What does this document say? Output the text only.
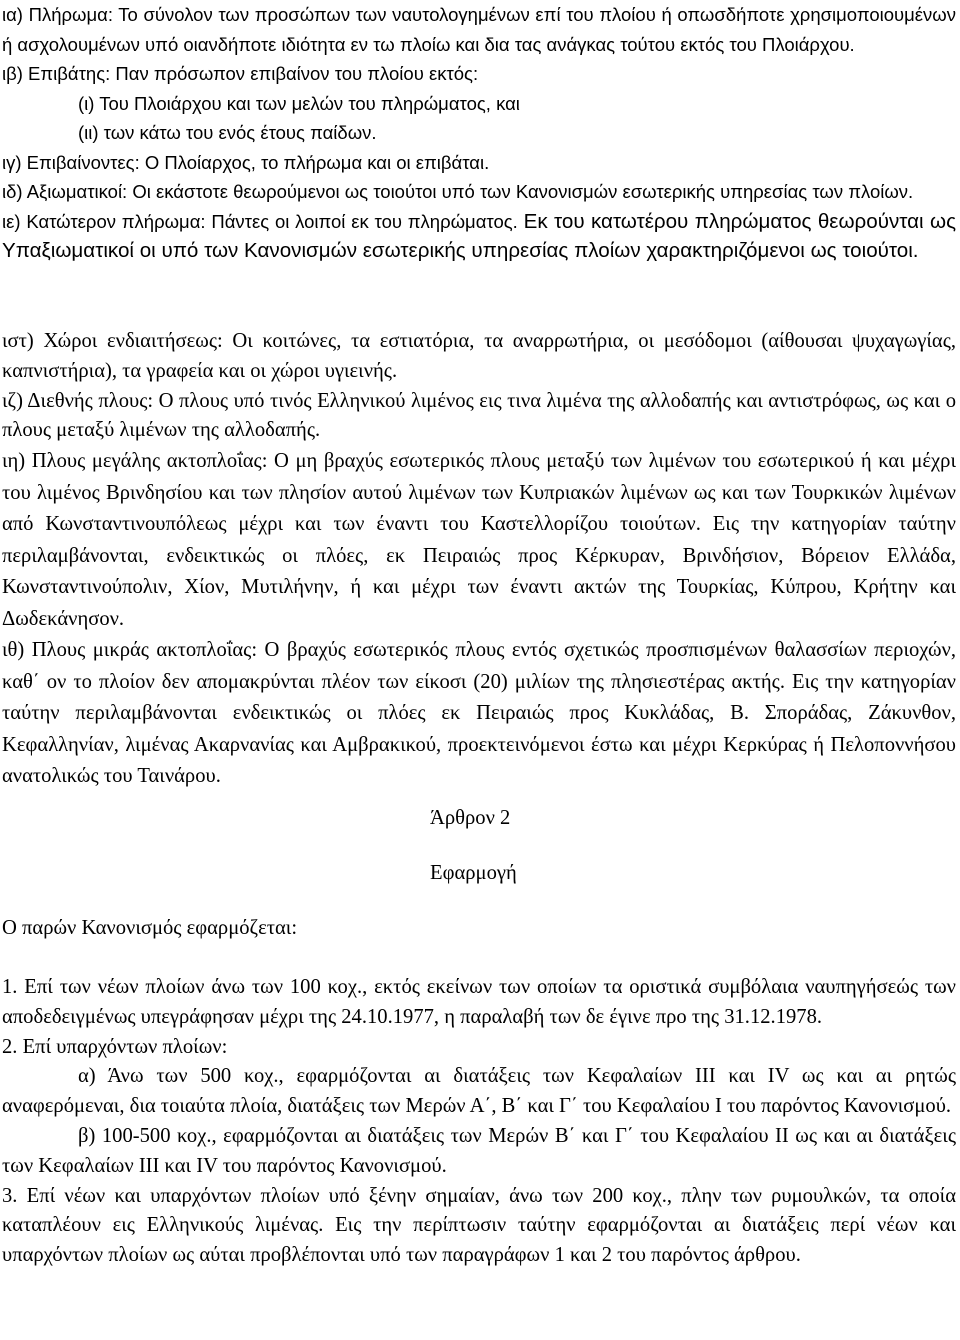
ια) Πλήρωμα: Το σύνολον των προσώπων των ναυτολογημένων επί του πλοίου ή οπωσδήποτε χρησιμοποιουμένων ή ασχολουμένων υπό οιανδήποτε ιδιότητα εν τω πλοίω και δια τας ανάγκας τούτου εκτός του Πλοιάρχου.

ιβ) Επιβάτης: Παν πρόσωπον επιβαίνον του πλοίου εκτός:

(ι) Του Πλοιάρχου και των μελών του πληρώματος, και

(ιι) των κάτω του ενός έτους παίδων.

ιγ) Επιβαίνοντες: Ο Πλοίαρχος, το πλήρωμα και οι επιβάται.

ιδ) Αξιωματικοί: Οι εκάστοτε θεωρούμενοι ως τοιούτοι υπό των Κανονισμών εσωτερικής υπηρεσίας των πλοίων.

ιε) Κατώτερον πλήρωμα: Πάντες οι λοιποί εκ του πληρώματος. Εκ του κατωτέρου πληρώματος θεωρούνται ως Υπαξιωματικοί οι υπό των Κανονισμών εσωτερικής υπηρεσίας πλοίων χαρακτηριζόμενοι ως τοιούτοι.

ιστ) Χώροι ενδιαιτήσεως: Οι κοιτώνες, τα εστιατόρια, τα αναρρωτήρια, οι μεσόδομοι (αίθουσαι ψυχαγωγίας, καπνιστήρια), τα γραφεία και οι χώροι υγιεινής.

ιζ) Διεθνής πλους: Ο πλους υπό τινός Ελληνικού λιμένος εις τινα λιμένα της αλλοδαπής και αντιστρόφως, ως και ο πλους μεταξύ λιμένων της αλλοδαπής.

ιη) Πλους μεγάλης ακτοπλοΐας: Ο μη βραχύς εσωτερικός πλους μεταξύ των λιμένων του εσωτερικού ή και μέχρι του λιμένος Βρινδησίου και των πλησίον αυτού λιμένων των Κυπριακών λιμένων ως και των Τουρκικών λιμένων από Κωνσταντινουπόλεως μέχρι και των έναντι του Καστελλορίζου τοιούτων. Εις την κατηγορίαν ταύτην περιλαμβάνονται, ενδεικτικώς οι πλόες, εκ Πειραιώς προς Κέρκυραν, Βρινδήσιον, Βόρειον Ελλάδα, Κωνσταντινούπολιν, Χίον, Μυτιλήνην, ή και μέχρι των έναντι ακτών της Τουρκίας, Κύπρου, Κρήτην και Δωδεκάνησον.

ιθ) Πλους μικράς ακτοπλοΐας: Ο βραχύς εσωτερικός πλους εντός σχετικώς προσπισμένων θαλασσίων περιοχών, καθ΄ ον το πλοίον δεν απομακρύνται πλέον των είκοσι (20) μιλίων της πλησιεστέρας ακτής. Εις την κατηγορίαν ταύτην περιλαμβάνονται ενδεικτικώς οι πλόες εκ Πειραιώς προς Κυκλάδας, Β. Σποράδας, Ζάκυνθον, Κεφαλληνίαν, λιμένας Ακαρνανίας και Αμβρακικού, προεκτεινόμενοι έστω και μέχρι Κερκύρας ή Πελοποννήσου ανατολικώς του Ταινάρου.

Άρθρον 2
Εφαρμογή
Ο παρών Κανονισμός εφαρμόζεται:

1. Επί των νέων πλοίων άνω των 100 κοχ., εκτός εκείνων των οποίων τα οριστικά συμβόλαια ναυπηγήσεώς των αποδεδειγμένως υπεγράφησαν μέχρι της 24.10.1977, η παραλαβή των δε έγινε προ της 31.12.1978.

2. Επί υπαρχόντων πλοίων:

α) Άνω των 500 κοχ., εφαρμόζονται αι διατάξεις των Κεφαλαίων ΙΙΙ και ΙV ως και αι ρητώς αναφερόμεναι, δια τοιαύτα πλοία, διατάξεις των Μερών Α΄, Β΄ και Γ΄ του Κεφαλαίου Ι του παρόντος Κανονισμού.

β) 100-500 κοχ., εφαρμόζονται αι διατάξεις των Μερών Β΄ και Γ΄ του Κεφαλαίου ΙΙ ως και αι διατάξεις των Κεφαλαίων ΙΙΙ και ΙV του παρόντος Κανονισμού.

3. Επί νέων και υπαρχόντων πλοίων υπό ξένην σημαίαν, άνω των 200 κοχ., πλην των ρυμουλκών, τα οποία καταπλέουν εις Ελληνικούς λιμένας. Εις την περίπτωσιν ταύτην εφαρμόζονται αι διατάξεις περί νέων και υπαρχόντων πλοίων ως αύται προβλέπονται υπό των παραγράφων 1 και 2 του παρόντος άρθρου.
